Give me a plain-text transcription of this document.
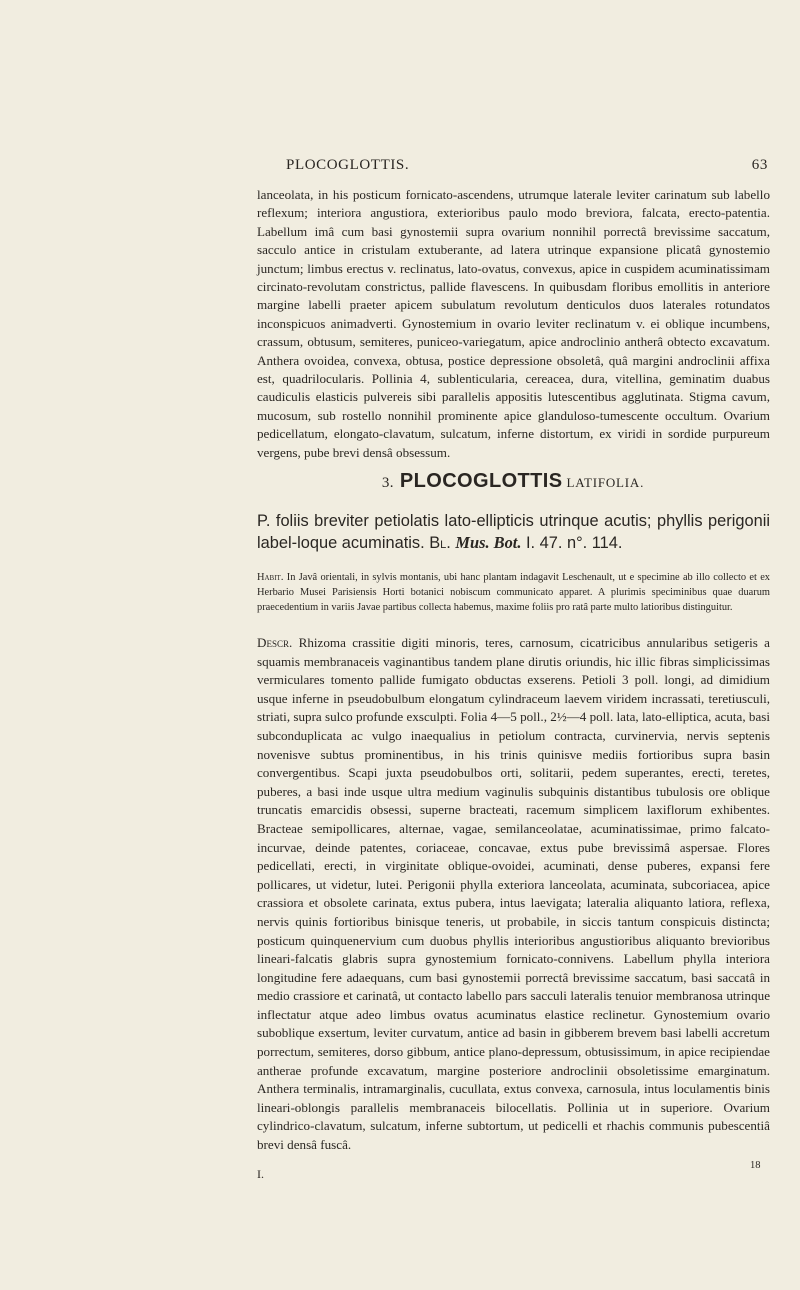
PLOCOGLOTTIS.	63

lanceolata, in his posticum fornicato-ascendens, utrumque laterale leviter carinatum sub labello reflexum; interiora angustiora, exterioribus paulo modo breviora, falcata, erecto-patentia. Labellum imâ cum basi gynostemii supra ovarium nonnihil porrectâ brevissime saccatum, sacculo antice in cristulam extuberante, ad latera utrinque expansione plicatâ gynostemio junctum; limbus erectus v. reclinatus, lato-ovatus, convexus, apice in cuspidem acuminatissimam circinato-revolutam constrictus, pallide flavescens. In quibusdam floribus emollitis in anteriore margine labelli praeter apicem subulatum revolutum denticulos duos laterales rotundatos inconspicuos animadverti. Gynostemium in ovario leviter reclinatum v. ei oblique incumbens, crassum, obtusum, semiteres, puniceo-variegatum, apice androclinio antherâ obtecto excavatum. Anthera ovoidea, convexa, obtusa, postice depressione obsoletâ, quâ margini androclinii affixa est, quadrilocularis. Pollinia 4, sublenticularia, cereacea, dura, vitellina, geminatim duabus caudiculis elasticis pulvereis sibi parallelis appositis lutescentibus agglutinata. Stigma cavum, mucosum, sub rostello nonnihil prominente apice glanduloso-tumescente occultum. Ovarium pedicellatum, elongato-clavatum, sulcatum, inferne distortum, ex viridi in sordide purpureum vergens, pube brevi densâ obsessum.

3. PLOCOGLOTTIS LATIFOLIA.
P. foliis breviter petiolatis lato-ellipticis utrinque acutis; phyllis perigonii label-loque acuminatis. Bl. Mus. Bot. I. 47. n°. 114.
Habit. In Javâ orientali, in sylvis montanis, ubi hanc plantam indagavit Leschenault, ut e specimine ab illo collecto et ex Herbario Musei Parisiensis Horti botanici nobiscum communicato apparet. A plurimis speciminibus quae duarum praecedentium in variis Javae partibus collecta habemus, maxime foliis pro ratâ parte multo latioribus distinguitur.
Descr. Rhizoma crassitie digiti minoris, teres, carnosum, cicatricibus annularibus setigeris a squamis membranaceis vaginantibus tandem plane dirutis oriundis, hic illic fibras simplicissimas vermiculares tomento pallide fumigato obductas exserens. Petioli 3 poll. longi, ad dimidium usque inferne in pseudobulbum elongatum cylindraceum laevem viridem incrassati, teretiusculi, striati, supra sulco profunde exsculpti. Folia 4—5 poll., 2½—4 poll. lata, lato-elliptica, acuta, basi subconduplicata ac vulgo inaequalius in petiolum contracta, curvinervia, nervis septenis novenisve subtus prominentibus, in his trinis quinisve mediis fortioribus supra basin convergentibus. Scapi juxta pseudobulbos orti, solitarii, pedem superantes, erecti, teretes, puberes, a basi inde usque ultra medium vaginulis subquinis distantibus tubulosis ore oblique truncatis emarcidis obsessi, superne bracteati, racemum simplicem laxiflorum exhibentes. Bracteae semipollicares, alternae, vagae, semilanceolatae, acuminatissimae, primo falcato-incurvae, deinde patentes, coriaceae, concavae, extus pube brevissimâ aspersae. Flores pedicellati, erecti, in virginitate oblique-ovoidei, acuminati, dense puberes, expansi fere pollicares, ut videtur, lutei. Perigonii phylla exteriora lanceolata, acuminata, subcoriacea, apice crassiora et obsolete carinata, extus pubera, intus laevigata; lateralia aliquanto latiora, reflexa, nervis quinis fortioribus binisque teneris, ut probabile, in siccis tantum conspicuis distincta; posticum quinquenervium cum duobus phyllis interioribus angustioribus aliquanto brevioribus lineari-falcatis glabris supra gynostemium fornicato-connivens. Labellum phylla interiora longitudine fere adaequans, cum basi gynostemii porrectâ brevissime saccatum, basi saccatâ in medio crassiore et carinatâ, ut contacto labello pars sacculi lateralis tenuior membranosa utrinque inflectatur atque adeo limbus ovatus acuminatus elastice reclinetur. Gynostemium ovario suboblique exsertum, leviter curvatum, antice ad basin in gibberem brevem basi labelli accretum porrectum, semiteres, dorso gibbum, antice plano-depressum, obtusissimum, in apice recipiendae antherae profunde excavatum, margine posteriore androclinii obsoletissime emarginatum. Anthera terminalis, intramarginalis, cucullata, extus convexa, carnosula, intus loculamentis binis lineari-oblongis parallelis membranaceis bilocellatis. Pollinia ut in superiore. Ovarium cylindrico-clavatum, sulcatum, inferne subtortum, ut pedicelli et rhachis communis pubescentiâ brevi densâ fuscâ.
I.
18
